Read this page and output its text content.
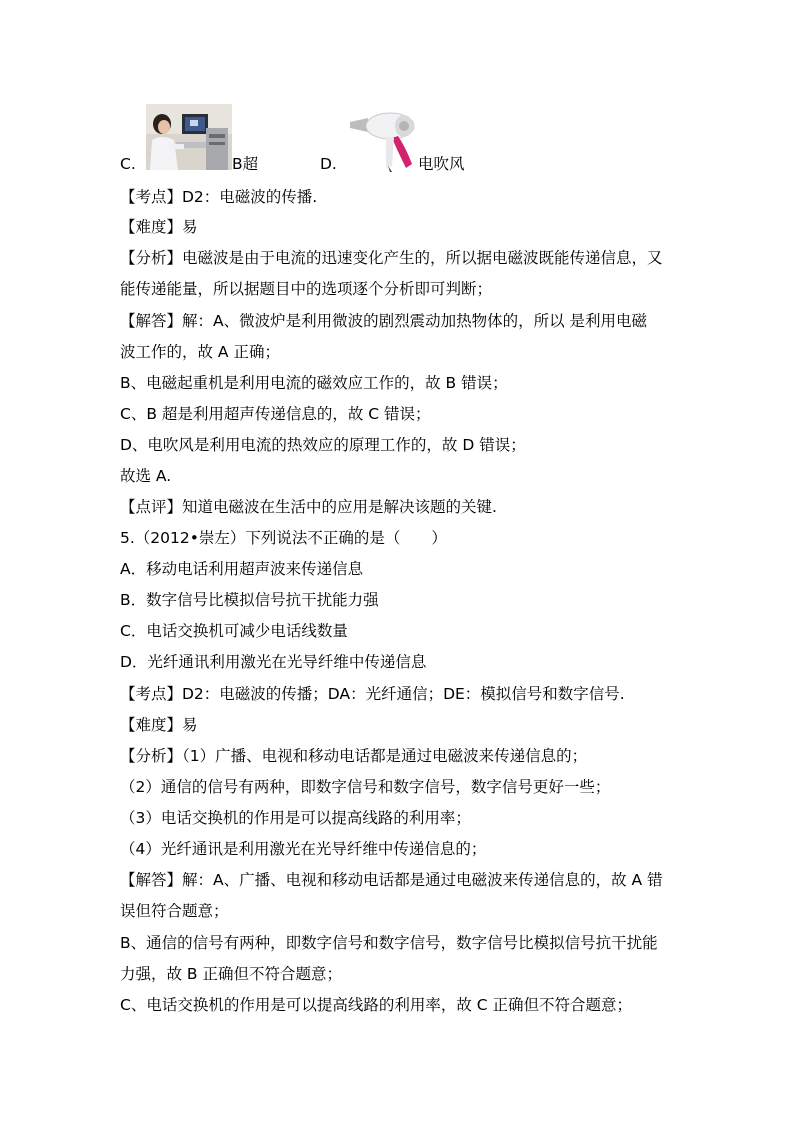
C.	B超	D.	电吹风
【考点】D2：电磁波的传播.
【难度】易
【分析】电磁波是由于电流的迅速变化产生的，所以据电磁波既能传递信息，又
能传递能量，所以据题目中的选项逐个分析即可判断；
【解答】解：A、微波炉是利用微波的剧烈震动加热物体的，所以 是利用电磁
波工作的，故 A 正确；
B、电磁起重机是利用电流的磁效应工作的，故 B 错误；
C、B 超是利用超声传递信息的，故 C 错误；
D、电吹风是利用电流的热效应的原理工作的，故 D 错误；
故选 A.
【点评】知道电磁波在生活中的应用是解决该题的关键.
5.（2012•崇左）下列说法不正确的是（　　）
A．移动电话利用超声波来传递信息
B．数字信号比模拟信号抗干扰能力强
C．电话交换机可减少电话线数量
D．光纤通讯利用激光在光导纤维中传递信息
【考点】D2：电磁波的传播；DA：光纤通信；DE：模拟信号和数字信号.
【难度】易
【分析】（1）广播、电视和移动电话都是通过电磁波来传递信息的；
（2）通信的信号有两种，即数字信号和数字信号，数字信号更好一些；
（3）电话交换机的作用是可以提高线路的利用率；
（4）光纤通讯是利用激光在光导纤维中传递信息的；
【解答】解：A、广播、电视和移动电话都是通过电磁波来传递信息的，故 A 错
误但符合题意；
B、通信的信号有两种，即数字信号和数字信号，数字信号比模拟信号抗干扰能
力强，故 B 正确但不符合题意；
C、电话交换机的作用是可以提高线路的利用率，故 C 正确但不符合题意；
